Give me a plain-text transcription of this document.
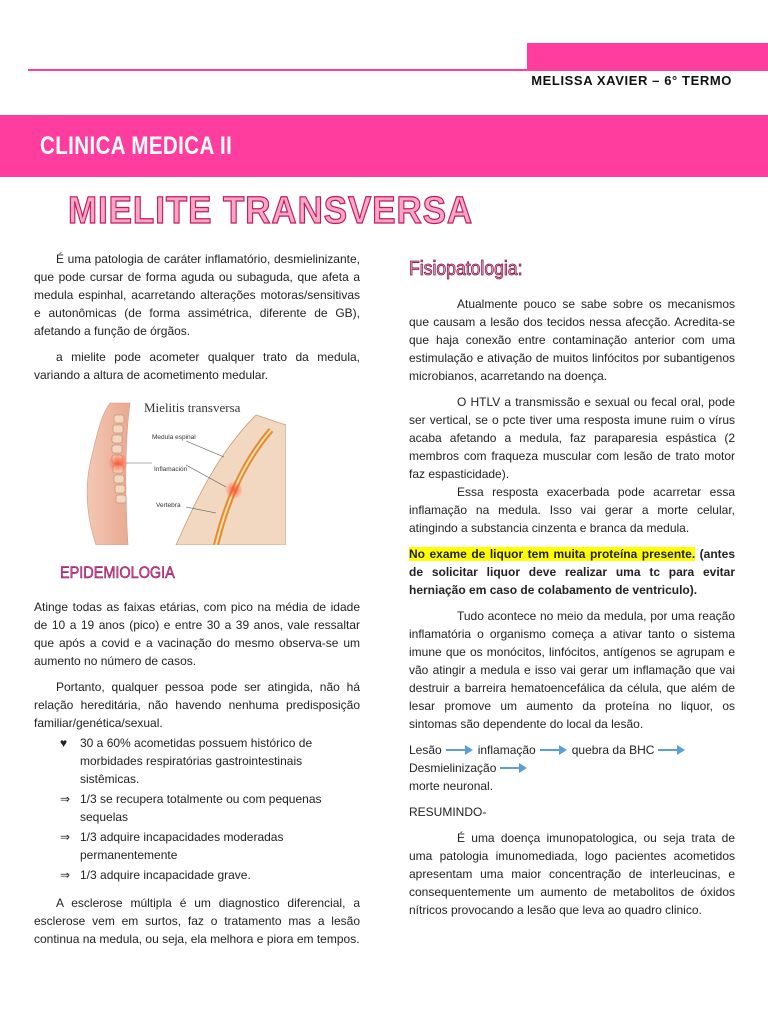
MELISSA XAVIER – 6° TERMO
CLINICA MEDICA II
MIELITE TRANSVERSA

É uma patologia de caráter inflamatório, desmielinizante, que pode cursar de forma aguda ou subaguda, que afeta a medula espinhal, acarretando alterações motoras/sensitivas e autonômicas (de forma assimétrica, diferente de GB), afetando a função de órgãos.

a mielite pode acometer qualquer trato da medula, variando a altura de acometimento medular.

Mielitis transversa
Medula espinal
Inflamación
Vertebra
EPIDEMIOLOGIA

Atinge todas as faixas etárias, com pico na média de idade de 10 a 19 anos (pico) e entre 30 a 39 anos, vale ressaltar que após a covid e a vacinação do mesmo observa-se um aumento no número de casos.

Portanto, qualquer pessoa pode ser atingida, não há relação hereditária, não havendo nenhuma predisposição familiar/genética/sexual.

♥	30 a 60% acometidas possuem histórico de morbidades respiratórias gastrointestinais sistêmicas.
⇒ 1/3 se recupera totalmente ou com pequenas sequelas
⇒ 1/3 adquire incapacidades moderadas permanentemente
⇒ 1/3 adquire incapacidade grave.

A esclerose múltipla é um diagnostico diferencial, a esclerose vem em surtos, faz o tratamento mas a lesão continua na medula, ou seja, ela melhora e piora em tempos.

Fisiopatologia:

Atualmente pouco se sabe sobre os mecanismos que causam a lesão dos tecidos nessa afecção. Acredita-se que haja conexão entre contaminação anterior com uma estimulação e ativação de muitos linfócitos por subantigenos microbianos, acarretando na doença.

O HTLV a transmissão e sexual ou fecal oral, pode ser vertical, se o pcte tiver uma resposta imune ruim o vírus acaba afetando a medula, faz paraparesia espástica (2 membros com fraqueza muscular com lesão de trato motor faz espasticidade).

Essa resposta exacerbada pode acarretar essa inflamação na medula. Isso vai gerar a morte celular, atingindo a substancia cinzenta e branca da medula.

No exame de liquor tem muita proteína presente. (antes de solicitar liquor deve realizar uma tc para evitar herniação em caso de colabamento de ventriculo).

Tudo acontece no meio da medula, por uma reação inflamatória o organismo começa a ativar tanto o sistema imune que os monócitos, linfócitos, antígenos se agrupam e vão atingir a medula e isso vai gerar um inflamação que vai destruir a barreira hematoencefálica da célula, que além de lesar promove um aumento da proteína no liquor, os sintomas são dependente do local da lesão.

Lesão	inflamação	quebra da BHC
Desmielinização
morte neuronal.

RESUMINDO-

É uma doença imunopatologica, ou seja trata de uma patologia imunomediada, logo pacientes acometidos apresentam uma maior concentração de interleucinas, e consequentemente um aumento de metabolitos de óxidos nítricos provocando a lesão que leva ao quadro clinico.
